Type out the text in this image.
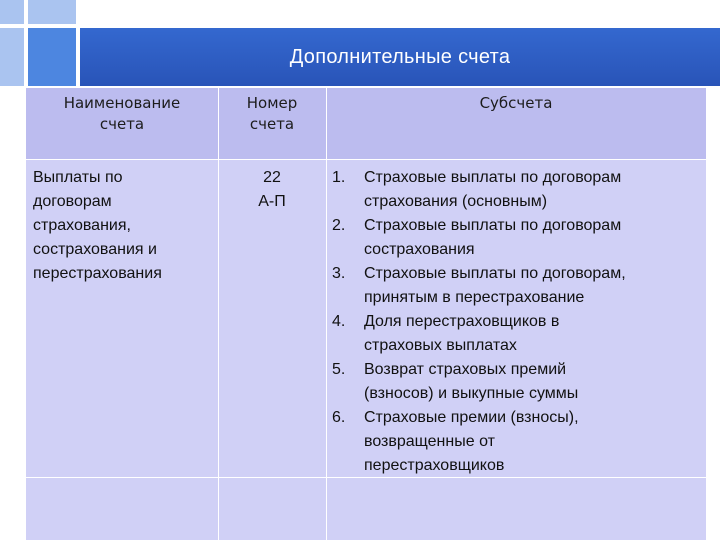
Дополнительные счета
Наименование
счета
Номер
счета
Субсчета
Выплаты по
договорам
страхования,
сострахования и
перестрахования
22
А-П
1. Страховые выплаты по договорам
страхования (основным)
2. Страховые выплаты по договорам
сострахования
3. Страховые выплаты по договорам,
принятым в перестрахование
4. Доля перестраховщиков в
страховых выплатах
5. Возврат страховых премий
(взносов) и выкупные суммы
6. Страховые премии (взносы),
возвращенные от
перестраховщиков
